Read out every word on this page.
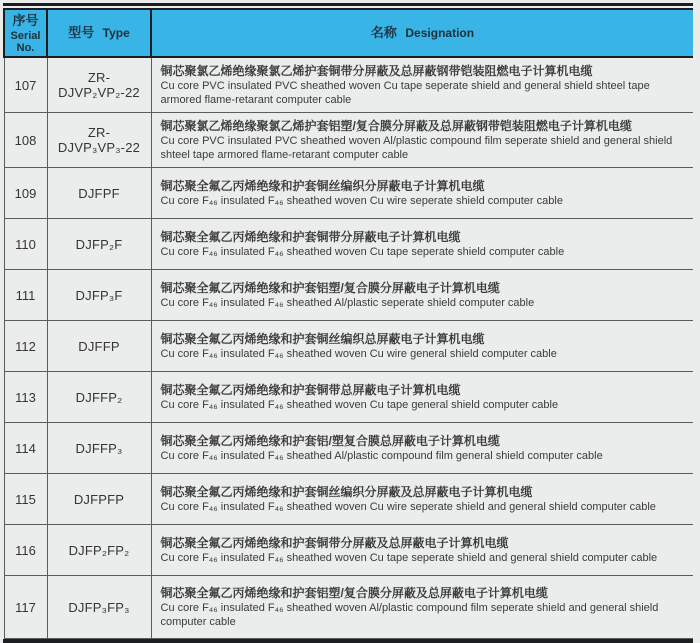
序号
Serial
No.	型号 Type	名称 Designation
107	ZR-DJVP₂VP₂-22	铜芯聚氯乙烯绝缘聚氯乙烯护套铜带分屏蔽及总屏蔽钢带铠装阻燃电子计算机电缆
Cu core PVC insulated PVC sheathed woven Cu tape seperate shield and general shield shteel tape armored flame-retarant computer cable

108	ZR-DJVP₃VP₃-22	铜芯聚氯乙烯绝缘聚氯乙烯护套铝塑/复合膜分屏蔽及总屏蔽钢带铠装阻燃电子计算机电缆
Cu core PVC insulated PVC sheathed woven Al/plastic compound film seperate shield and general shield shteel tape armored flame-retarant computer cable

109	DJFPF	铜芯聚全氟乙丙烯绝缘和护套铜丝编织分屏蔽电子计算机电缆
Cu core F₄₆ insulated F₄₆ sheathed woven Cu wire seperate shield computer cable

110	DJFP₂F	铜芯聚全氟乙丙烯绝缘和护套铜带分屏蔽电子计算机电缆
Cu core F₄₆ insulated F₄₆ sheathed woven Cu tape seperate shield computer cable

111	DJFP₃F	铜芯聚全氟乙丙烯绝缘和护套铝塑/复合膜分屏蔽电子计算机电缆
Cu core F₄₆ insulated F₄₆ sheathed Al/plastic seperate shield computer cable

112	DJFFP	铜芯聚全氟乙丙烯绝缘和护套铜丝编织总屏蔽电子计算机电缆
Cu core F₄₆ insulated F₄₆ sheathed woven Cu wire general shield computer cable

113	DJFFP₂	铜芯聚全氟乙丙烯绝缘和护套铜带总屏蔽电子计算机电缆
Cu core F₄₆ insulated F₄₆ sheathed woven Cu tape general shield computer cable

114	DJFFP₃	铜芯聚全氟乙丙烯绝缘和护套铝/塑复合膜总屏蔽电子计算机电缆
Cu core F₄₆ insulated F₄₆ sheathed Al/plastic compound film general shield computer cable

115	DJFPFP	铜芯聚全氟乙丙烯绝缘和护套铜丝编织分屏蔽及总屏蔽电子计算机电缆
Cu core F₄₆ insulated F₄₆ sheathed woven Cu wire seperate shield and general shield computer cable

116	DJFP₂FP₂	铜芯聚全氟乙丙烯绝缘和护套铜带分屏蔽及总屏蔽电子计算机电缆
Cu core F₄₆ insulated F₄₆ sheathed woven Cu tape seperate shield and general shield computer cable

117	DJFP₃FP₃	铜芯聚全氟乙丙烯绝缘和护套铝塑/复合膜分屏蔽及总屏蔽电子计算机电缆
Cu core F₄₆ insulated F₄₆ sheathed woven Al/plastic compound film seperate shield and general shield computer cable
